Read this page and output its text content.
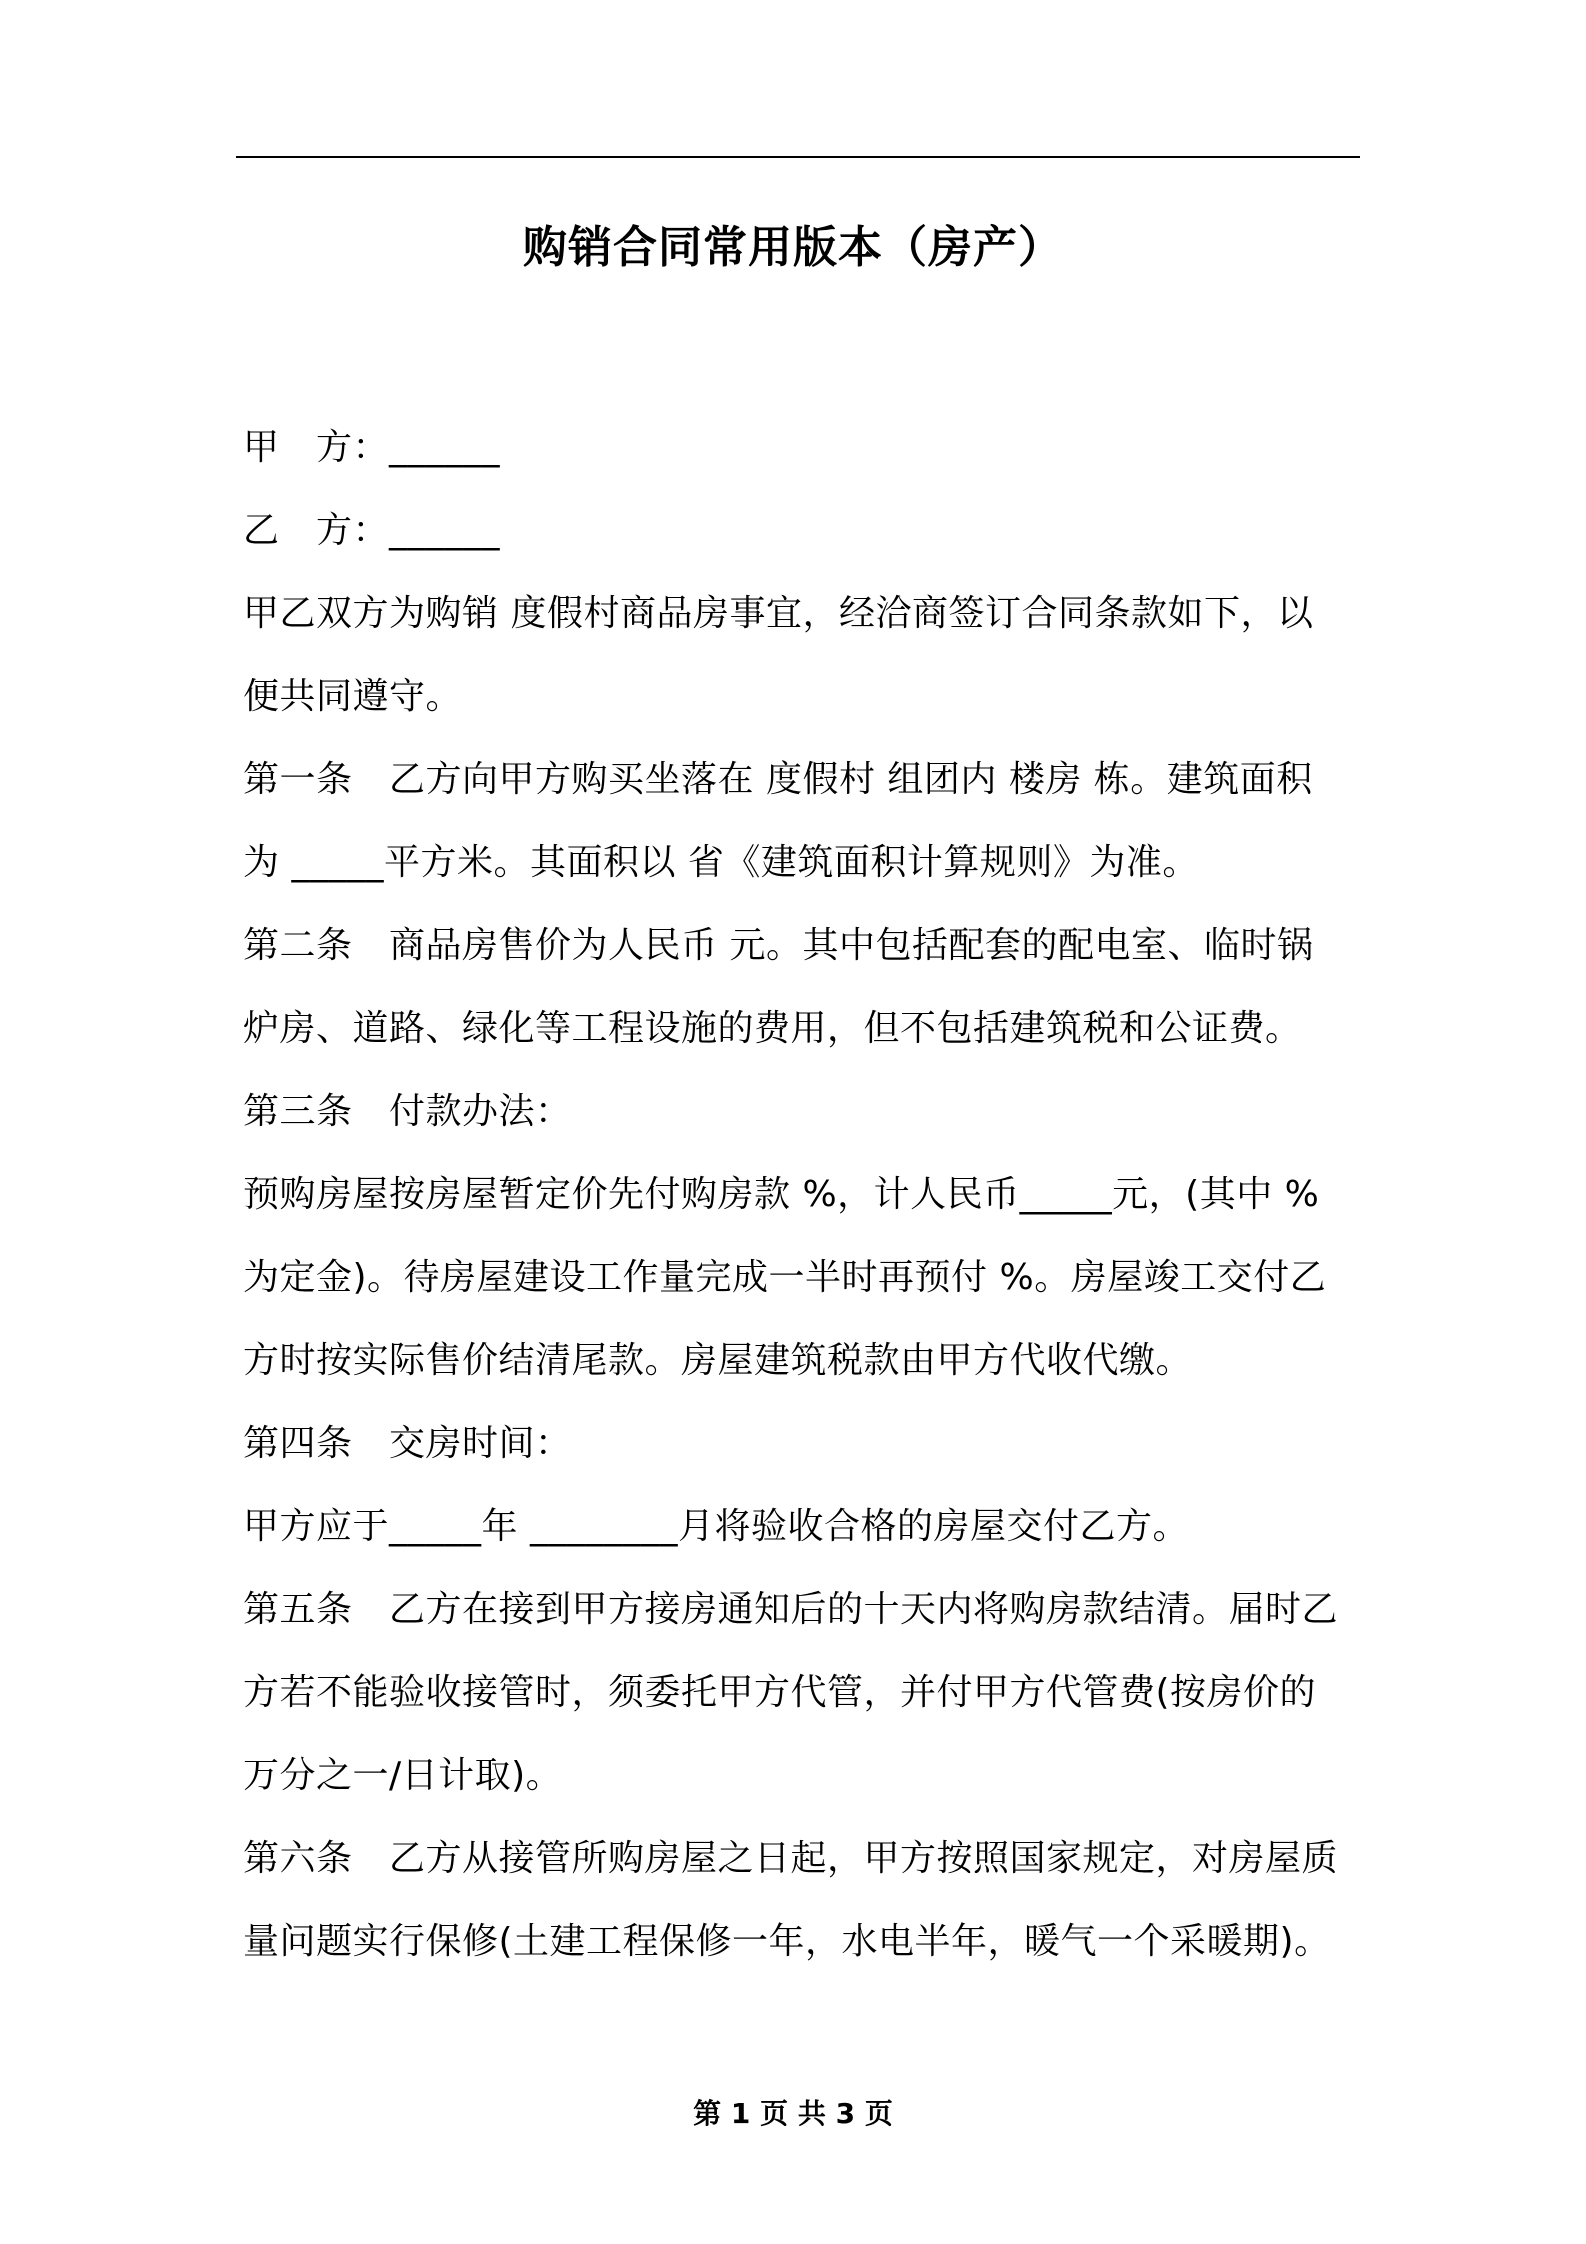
购销合同常用版本（房产）
甲　方：______
乙　方：______
甲乙双方为购销 度假村商品房事宜，经洽商签订合同条款如下，以
便共同遵守。
第一条　乙方向甲方购买坐落在 度假村 组团内 楼房 栋。建筑面积
为 _____平方米。其面积以 省《建筑面积计算规则》为准。
第二条　商品房售价为人民币 元。其中包括配套的配电室、临时锅
炉房、道路、绿化等工程设施的费用，但不包括建筑税和公证费。
第三条　付款办法：
预购房屋按房屋暂定价先付购房款 %，计人民币_____元，(其中 %
为定金)。待房屋建设工作量完成一半时再预付 %。房屋竣工交付乙
方时按实际售价结清尾款。房屋建筑税款由甲方代收代缴。
第四条　交房时间：
甲方应于_____年 ________月将验收合格的房屋交付乙方。
第五条　乙方在接到甲方接房通知后的十天内将购房款结清。届时乙
方若不能验收接管时，须委托甲方代管，并付甲方代管费(按房价的
万分之一/日计取)。
第六条　乙方从接管所购房屋之日起，甲方按照国家规定，对房屋质
量问题实行保修(土建工程保修一年，水电半年，暖气一个采暖期)。
第 1 页 共 3 页
